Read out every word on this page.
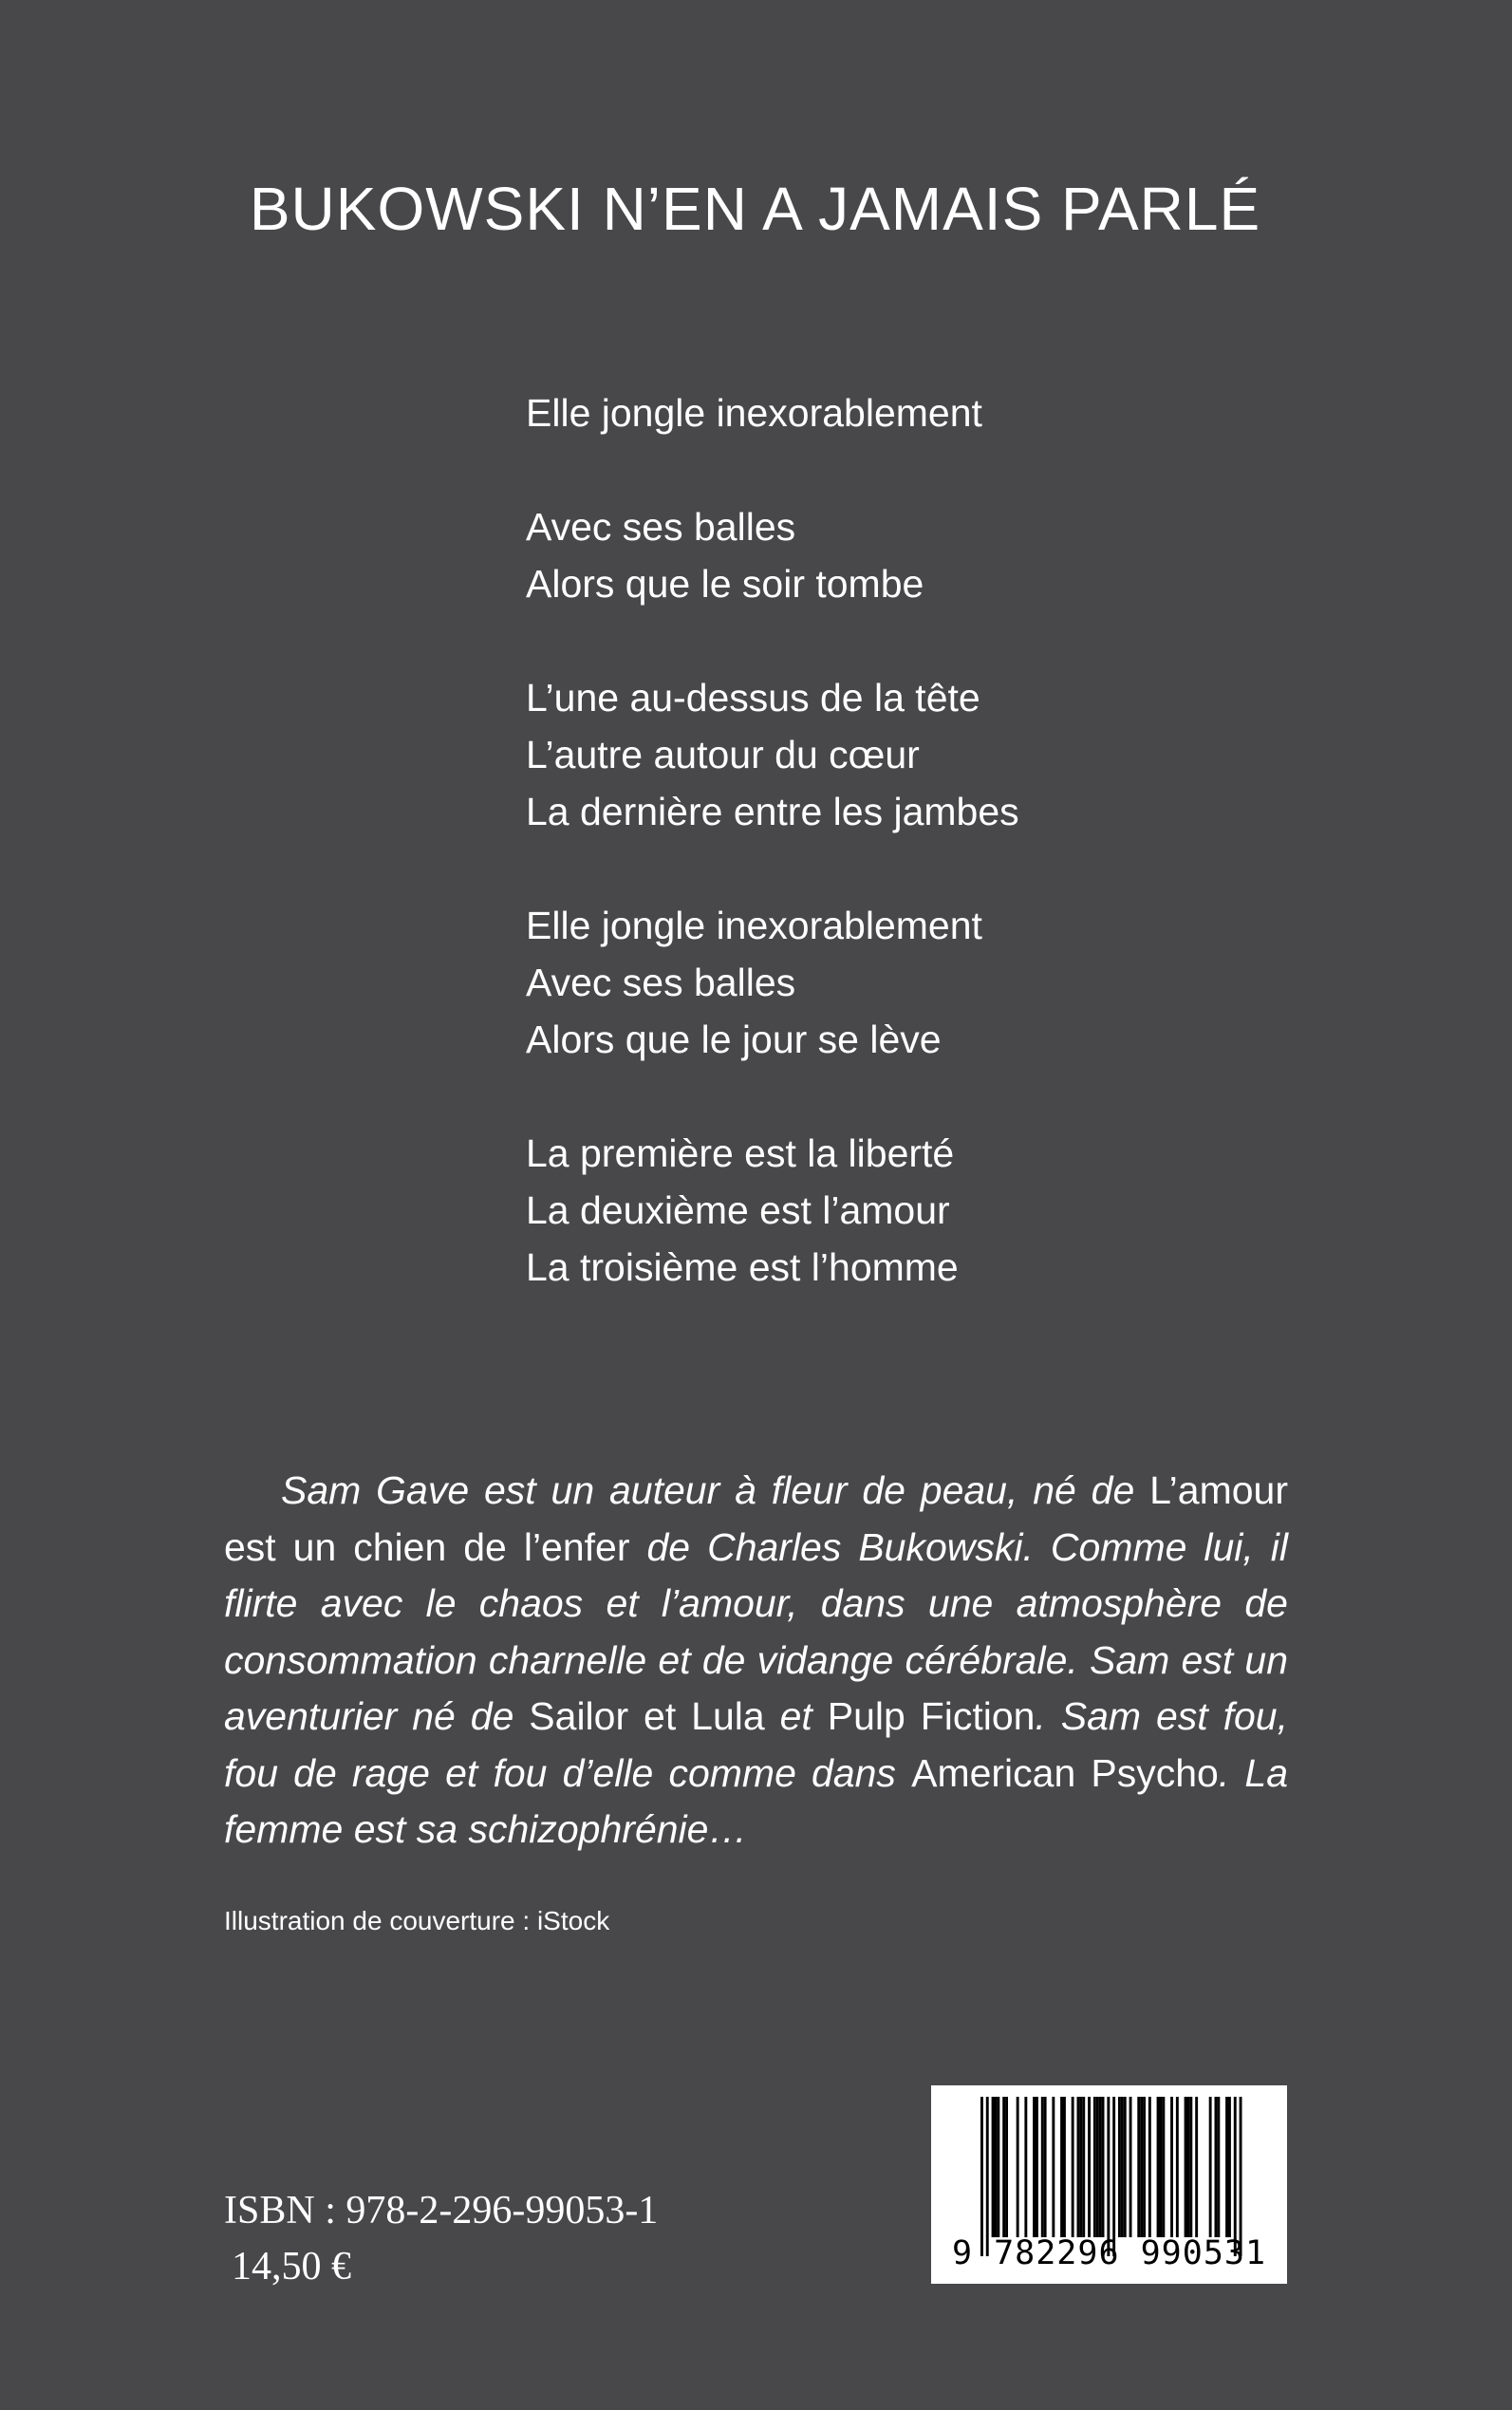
BUKOWSKI N’EN A JAMAIS PARLÉ
Elle jongle inexorablement
Avec ses balles
Alors que le soir tombe
L’une au-dessus de la tête
L’autre autour du cœur
La dernière entre les jambes
Elle jongle inexorablement
Avec ses balles
Alors que le jour se lève
La première est la liberté
La deuxième est l’amour
La troisième est l’homme

Sam Gave est un auteur à fleur de peau, né de L’amour est un chien de l’enfer de Charles Bukowski. Comme lui, il flirte avec le chaos et l’amour, dans une atmosphère de consommation charnelle et de vidange cérébrale. Sam est un aventurier né de Sailor et Lula et Pulp Fiction. Sam est fou, fou de rage et fou d’elle comme dans American Psycho. La femme est sa schizophrénie…

Illustration de couverture : iStock

ISBN : 978-2-296-99053-1

14,50 €	9 782296 990531
